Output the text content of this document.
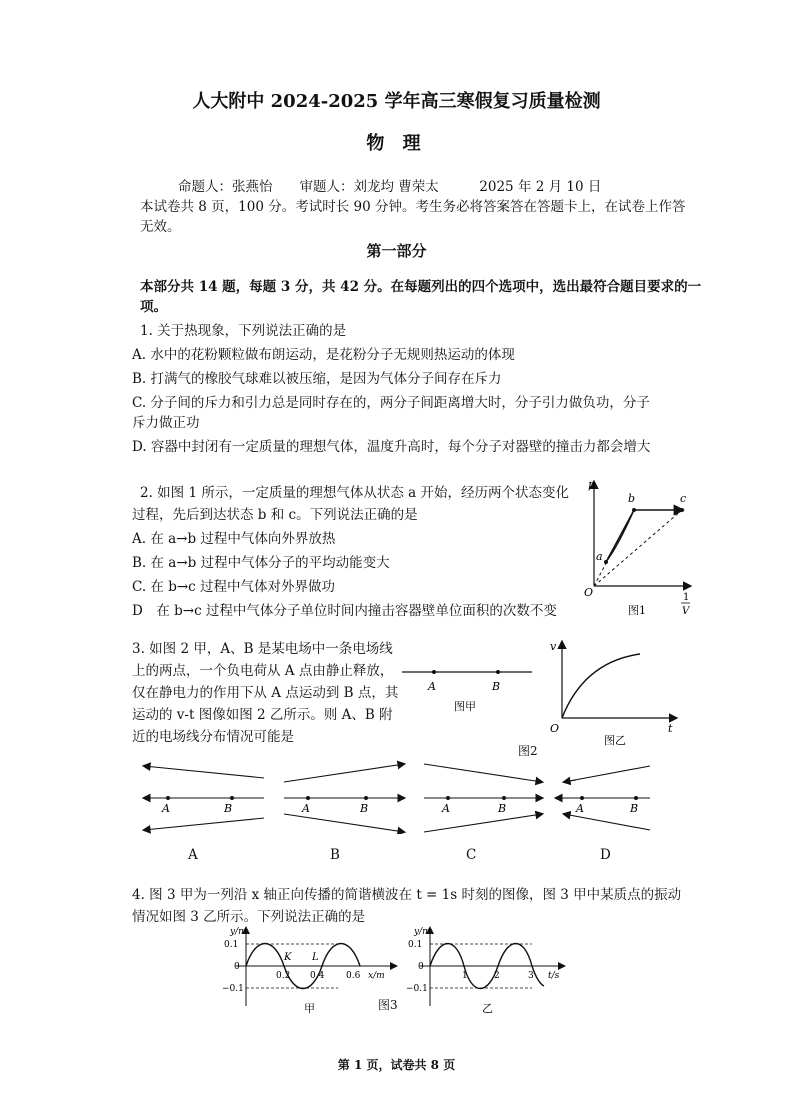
人大附中 2024-2025 学年高三寒假复习质量检测
物 理
命题人：张燕怡　　审题人：刘龙均 曹荣太　　　2025 年 2 月 10 日
本试卷共 8 页，100 分。考试时长 90 分钟。考生务必将答案答在答题卡上，在试卷上作答
无效。
第一部分
本部分共 14 题，每题 3 分，共 42 分。在每题列出的四个选项中，选出最符合题目要求的一
项。
1. 关于热现象，下列说法正确的是
A. 水中的花粉颗粒做布朗运动，是花粉分子无规则热运动的体现
B. 打满气的橡胶气球难以被压缩，是因为气体分子间存在斥力
C. 分子间的斥力和引力总是同时存在的，两分子间距离增大时，分子引力做负功，分子
斥力做正功
D. 容器中封闭有一定质量的理想气体，温度升高时，每个分子对器壁的撞击力都会增大
2. 如图 1 所示，一定质量的理想气体从状态 a 开始，经历两个状态变化
过程，先后到达状态 b 和 c。下列说法正确的是
A. 在 a→b 过程中气体向外界放热
B. 在 a→b 过程中气体分子的平均动能变大
C. 在 b→c 过程中气体对外界做功
D　在 b→c 过程中气体分子单位时间内撞击容器壁单位面积的次数不变
p
O
a
b	c
1
V
图1
3. 如图 2 甲，A、B 是某电场中一条电场线
上的两点，一个负电荷从 A 点由静止释放，
仅在静电力的作用下从 A 点运动到 B 点，其
运动的 v-t 图像如图 2 乙所示。则 A、B 附
近的电场线分布情况可能是
A	B
图甲
v
O	t
图乙
图2
A	B	A	B	A	B	A	B
A	B	C	D
4. 图 3 甲为一列沿 x 轴正向传播的简谐横波在 t = 1s 时刻的图像，图 3 甲中某质点的振动
情况如图 3 乙所示。下列说法正确的是
y/m
0.1
0
−0.1
0.2 0.4 0.6 x/m
K L
甲
y/m
0.1
0
−0.1
1	2	3 t/s
乙
图3
第 1 页，试卷共 8 页
